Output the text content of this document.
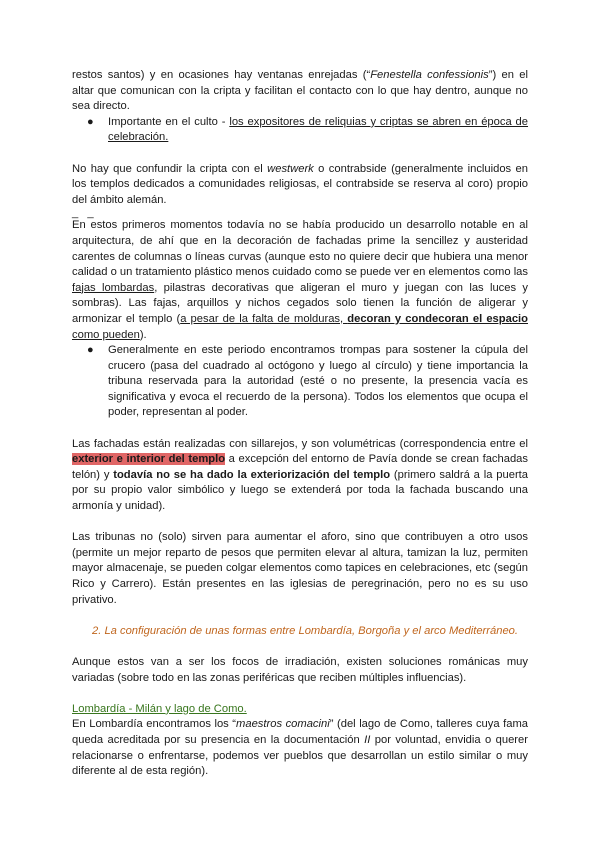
restos santos) y en ocasiones hay ventanas enrejadas (“Fenestella confessionis”) en el altar que comunican con la cripta y facilitan el contacto con lo que hay dentro, aunque no sea directo.

● Importante en el culto - los expositores de reliquias y criptas se abren en época de celebración.

No hay que confundir la cripta con el westwerk o contrabside (generalmente incluidos en los templos dedicados a comunidades religiosas, el contrabside se reserva al coro) propio del ámbito alemán.

_ _

En estos primeros momentos todavía no se había producido un desarrollo notable en al arquitectura, de ahí que en la decoración de fachadas prime la sencillez y austeridad carentes de columnas o líneas curvas (aunque esto no quiere decir que hubiera una menor calidad o un tratamiento plástico menos cuidado como se puede ver en elementos como las fajas lombardas, pilastras decorativas que aligeran el muro y juegan con las luces y sombras). Las fajas, arquillos y nichos cegados solo tienen la función de aligerar y armonizar el templo (a pesar de la falta de molduras, decoran y condecoran el espacio como pueden).

● Generalmente en este periodo encontramos trompas para sostener la cúpula del crucero (pasa del cuadrado al octógono y luego al círculo) y tiene importancia la tribuna reservada para la autoridad (esté o no presente, la presencia vacía es significativa y evoca el recuerdo de la persona). Todos los elementos que ocupa el poder, representan al poder.

Las fachadas están realizadas con sillarejos, y son volumétricas (correspondencia entre el exterior e interior del templo a excepción del entorno de Pavía donde se crean fachadas telón) y todavía no se ha dado la exteriorización del templo (primero saldrá a la puerta por su propio valor simbólico y luego se extenderá por toda la fachada buscando una armonía y unidad).

Las tribunas no (solo) sirven para aumentar el aforo, sino que contribuyen a otro usos (permite un mejor reparto de pesos que permiten elevar al altura, tamizan la luz, permiten mayor almacenaje, se pueden colgar elementos como tapices en celebraciones, etc (según Rico y Carrero). Están presentes en las iglesias de peregrinación, pero no es su uso privativo.

2. La configuración de unas formas entre Lombardía, Borgoña y el arco Mediterráneo.

Aunque estos van a ser los focos de irradiación, existen soluciones románicas muy variadas (sobre todo en las zonas periféricas que reciben múltiples influencias).

Lombardía - Milán y lago de Como.

En Lombardía encontramos los “maestros comacini” (del lago de Como, talleres cuya fama queda acreditada por su presencia en la documentación II por voluntad, envidia o querer relacionarse o enfrentarse, podemos ver pueblos que desarrollan un estilo similar o muy diferente al de esta región).
